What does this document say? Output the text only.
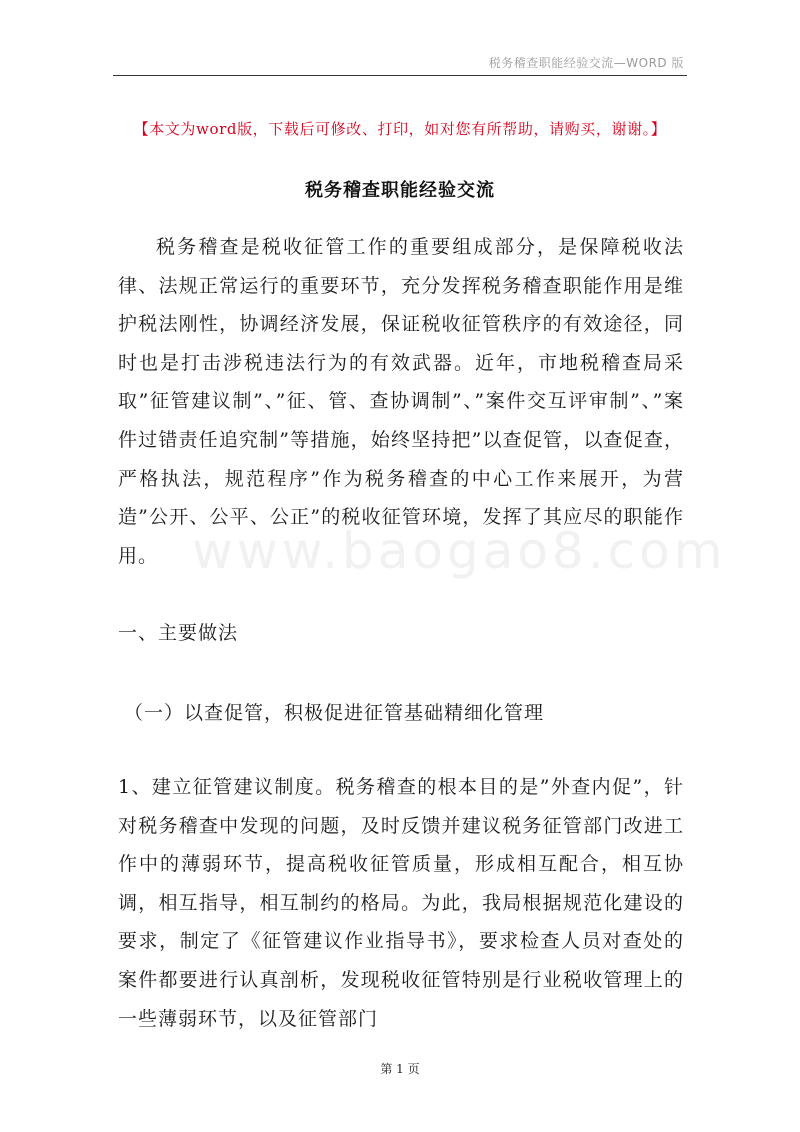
税务稽查职能经验交流—WORD 版
【本文为word版，下载后可修改、打印，如对您有所帮助，请购买，谢谢。】
税务稽查职能经验交流
www.baogao8.com

税务稽查是税收征管工作的重要组成部分，是保障税收法律、法规正常运行的重要环节，充分发挥税务稽查职能作用是维护税法刚性，协调经济发展，保证税收征管秩序的有效途径，同时也是打击涉税违法行为的有效武器。近年，市地税稽查局采取”征管建议制”、”征、管、查协调制”、”案件交互评审制”、”案件过错责任追究制”等措施，始终坚持把”以查促管，以查促查，严格执法，规范程序”作为税务稽查的中心工作来展开，为营造”公开、公平、公正”的税收征管环境，发挥了其应尽的职能作用。

一、主要做法

（一）以查促管，积极促进征管基础精细化管理

1、建立征管建议制度。税务稽查的根本目的是”外查内促”，针对税务稽查中发现的问题，及时反馈并建议税务征管部门改进工作中的薄弱环节，提高税收征管质量，形成相互配合，相互协调，相互指导，相互制约的格局。为此，我局根据规范化建设的要求，制定了《征管建议作业指导书》，要求检查人员对查处的案件都要进行认真剖析，发现税收征管特别是行业税收管理上的一些薄弱环节，以及征管部门

第 1 页
